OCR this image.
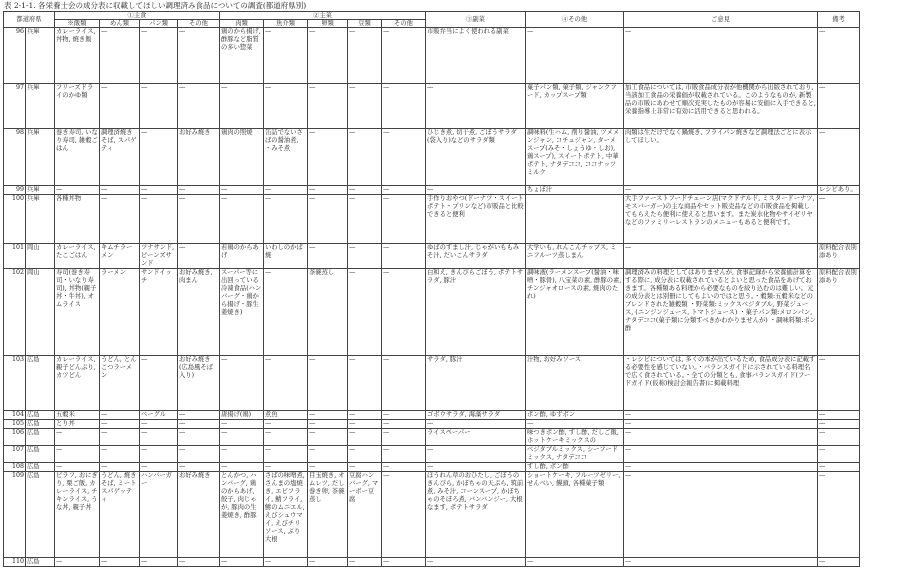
表 2-1-1. 各栄養士会の成分表に収載してほしい調理済み食品についての調査(都道府県別)
都道府県		①主食				②主菜					③副菜	④その他	ご意見	備考
		※飯類	めん類	パン類	その他	肉類	魚介類	卵類	豆類	その他				
96	兵庫	カレーライス, 丼物, 焼き飯	—	—	—	鶏のから揚げ, 酢豚など脂質の多い惣菜	—	—	—	—	市販弁当によく使われる副菜	—	—	—
97	兵庫	フリーズドライのかゆ類	—	—	—	—	—	—	—	—	—	菓子パン類, 菓子類, ジャンクフード, カップスープ類	加工食品については, 市販食品成分表が他機関から出版されており, 当該加工食品の栄養価が収載されている。このようなものが, 新製品の市販にあわせて順次充実したものが容易に安価に入手できると, 栄養指導上非常に有効に活用できると思われる。	—
98	兵庫	巻き寿司, いなり寿司, 雑穀ごはん	調理済焼きそば, スパゲティ	—	お好み焼き	鶏肉の照焼	缶詰でないさばの醤油煮, ・みそ煮	—	—	—	ひじき煮, 切干煮, ごぼうサラダ(袋入り)などのサラダ類	調味料(生ハム, 削り醤油, ツメメンジャン, コチュジャン, ターメスープ(みそ・しょうゆ・しお), 鶏スープ), スイートポテト, 中華ポテト, ナタデココ, ココナッツミルク	肉類は生だけでなく鍋焼き, フライパン焼きなど調理法ごとに表示してほしい。	—
99	兵庫	—	—	—	—	—	—	—	—	—	—	ちょぼ汁	—	レシピあり。
100	兵庫	各種丼物	—	—	—	—	—	—	—	—	手作りおやつ(ドーナツ・スイートポテト・プリンなど)市販品と比較できると便利		大手ファーストフードチェーン店(マクドナルド, ミスタードーナツ, モスバーガー)の主な商品やセット販売品などの市販食品を掲載してもらえたら便利に使えると思います。また炭水化物やサイゼリヤなどのファミリーレストランのメニューもあると便利です。	—
101	岡山	カレーライス, たこごはん	キムチラーメン	ツナサンド, ピーンズサンド	—	若鶏のからあげ	いわしのかば焼	—	—	—	ゆばのすまし汁, じゃがいももみそ汁, だいこんサラダ	大学いも, れんこんチップス, ミニフルーツ蒸しまん	—	原料配合表別添あり
102	岡山	寿司(巻き寿司・いなり寿司), 丼物(親子丼・牛丼), オムライス	ラーメン	サンドイッチ	お好み焼き, 肉まん	スーパー等に出回っている冷凍食品(ハンバーグ・鶏から揚げ・豚生姜焼き)	—	茶碗蒸し	—	—	白和え, きんぴらごぼう, ポテトサラダ, 豚汁	調味液(ラーメンスープ(醤油・味噌・豚骨), 八宝菜の素, 酢豚の素, チンジャオロースの素, 焼肉のたれ)	調理済みの料理としてはありませんが, 食事記録から栄養価計算をする際に, 成分表に収載されているとよいと思った食品をあげておきます。各種類ある料理から必要なものを絞り込むのは難しい。元の成分表とは別冊にしてもよいのではと思う。・穀類:五穀米などのブレンドされた雑穀類 ・野菜類:ミックスベジタブル, 野菜ジュース, (ニンジンジュース, トマトジュース) ・菓子パン類:メロンパン, ナタデココ(菓子類に分類すべきかわかりませんが) ・調味料類:ポン酢	原料配合表別添あり
103	広島	カレーライス, 親子どんぶり, カツどん	うどん, とんこつラーメン	—	お好み焼き(広島風そば入り)	—	—	—	—	—	サラダ, 豚汁	汁物, お好みソース	・レシピについては, 多くの本が出ているため, 食品成分表に記載する必要性を感じていない。・バランスガイドに示されている料理名で広く食されている。・全ての分類とも, 食事バランスガイド(フードガイド(仮称)検討会報告書)に掲載料理	—
104	広島	五穀米	—	ベーグル	—	唐揚げ(鶏)	煮魚	—	—	—	ゴボウサラダ, 海藻サラダ	ポン酢, ゆずポン	—	—
105	広島	とり丼	—	—	—	—	—	—	—	—	—	—	—	—
106	広島	—	—	—	—	—	—	—	—	—	ライスペーパー	味つきポン酢, すし酢, だしご飯, ホットケーキミックスの	—	—
107	広島	—	—	—	—	—	—	—	—	—	—	ベジタブルミックス, シーフードミックス, ナタデココ	—	—
108	広島	—	—	—	—	—	—	—	—	—	—	すし酢, ポン酢	—	—
109	広島	ピラフ, おにぎり, 栗ご飯, カレーライス, チキンライス, うな丼, 親子丼	うどん, 焼きそば, ミートスパゲッティ	ハンバーガー	お好み焼き	とんかつ, ハンバーグ, 鶏のからあげ, 餃子, 肉じゃが, 豚肉の生姜焼き, 酢豚	さばの味噌煮, さんまの塩焼き, エビフライ, 鯖フライ, 鯵のムニエル, えびシュウマイ, えびチリソース, ぶり大根	目玉焼き, オムレツ, だし巻き卵, 茶碗蒸し	豆腐ハンバーグ, マーボー豆腐	—	ほうれん草のおひたし, ごぼうのきんぴら, かぼちゃの天ぷら, 筑前煮, みそ汁, コーンスープ, かぼちゃのそぼろ煮, バンバンジー, 大根なます, ポテトサラダ	ショートケーキ, フルーツゼリー, せんべい, 饅頭, 各種菓子類	—	—
110	広島	—	—	—	—	—	—	—	—	—	—	—	—	—
